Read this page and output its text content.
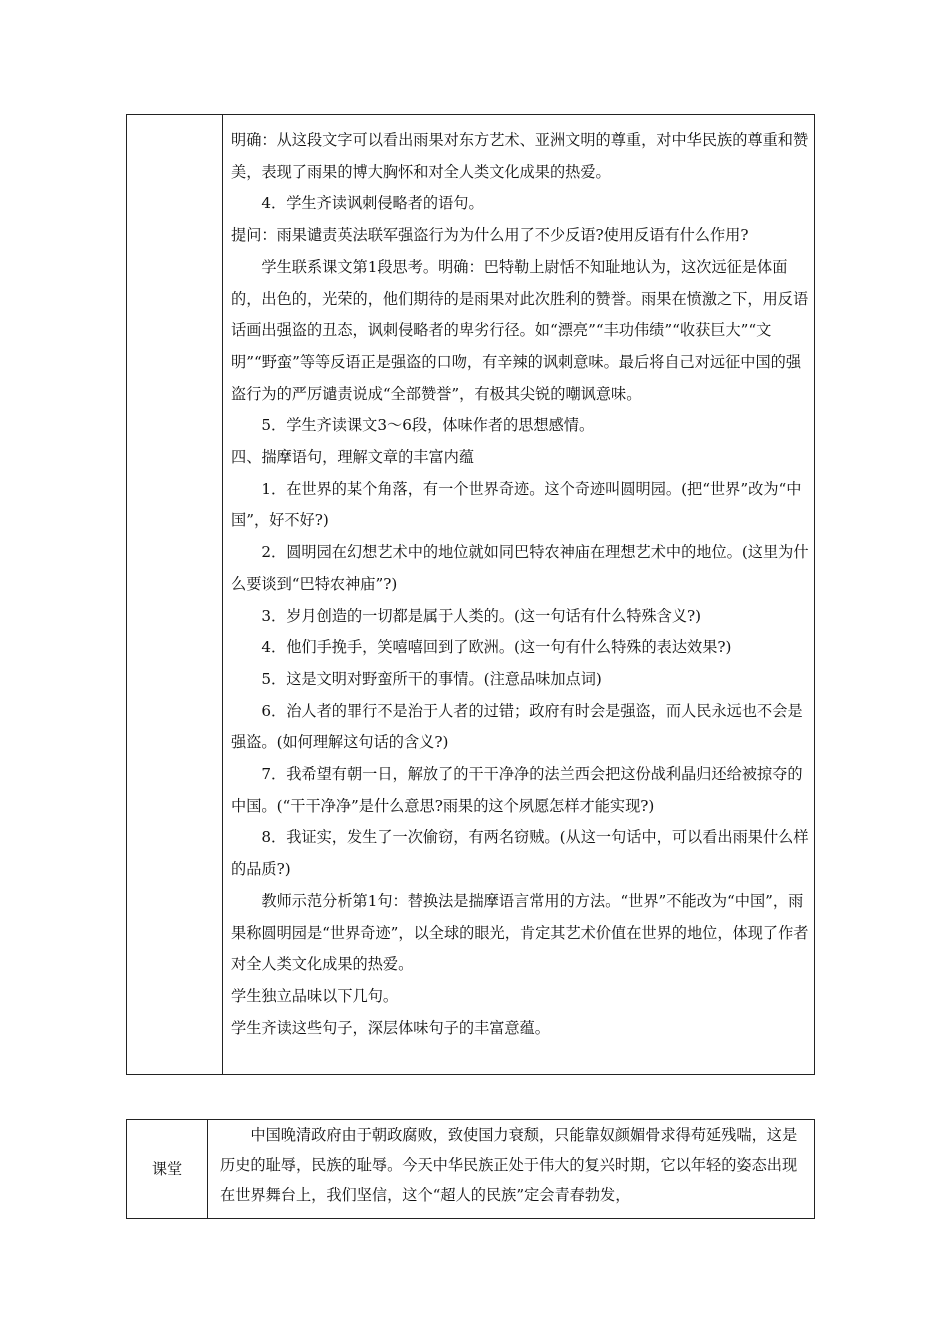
明确：从这段文字可以看出雨果对东方艺术、亚洲文明的尊重，对中华民族的尊重和赞美，表现了雨果的博大胸怀和对全人类文化成果的热爱。

4．学生齐读讽刺侵略者的语句。

提问：雨果谴责英法联军强盗行为为什么用了不少反语?使用反语有什么作用?

学生联系课文第1段思考。明确：巴特勒上尉恬不知耻地认为，这次远征是体面的，出色的，光荣的，他们期待的是雨果对此次胜利的赞誉。雨果在愤激之下，用反语话画出强盗的丑态，讽刺侵略者的卑劣行径。如“漂亮”“丰功伟绩”“收获巨大”“文明”“野蛮”等等反语正是强盗的口吻，有辛辣的讽刺意味。最后将自己对远征中国的强盗行为的严厉谴责说成“全部赞誉”，有极其尖锐的嘲讽意味。

5．学生齐读课文3～6段，体味作者的思想感情。

四、揣摩语句，理解文章的丰富内蕴

1．在世界的某个角落，有一个世界奇迹。这个奇迹叫圆明园。(把“世界”改为“中国”，好不好?)

2．圆明园在幻想艺术中的地位就如同巴特农神庙在理想艺术中的地位。(这里为什么要谈到“巴特农神庙”?)

3．岁月创造的一切都是属于人类的。(这一句话有什么特殊含义?)

4．他们手挽手，笑嘻嘻回到了欧洲。(这一句有什么特殊的表达效果?)

5．这是文明对野蛮所干的事情。(注意品味加点词)

6．治人者的罪行不是治于人者的过错；政府有时会是强盗，而人民永远也不会是强盗。(如何理解这句话的含义?)

7．我希望有朝一日，解放了的干干净净的法兰西会把这份战利晶归还给被掠夺的中国。(“干干净净”是什么意思?雨果的这个夙愿怎样才能实现?)

8．我证实，发生了一次偷窃，有两名窃贼。(从这一句话中，可以看出雨果什么样的品质?)

教师示范分析第1句：替换法是揣摩语言常用的方法。“世界”不能改为“中国”，雨果称圆明园是“世界奇迹”，以全球的眼光，肯定其艺术价值在世界的地位，体现了作者对全人类文化成果的热爱。

学生独立品味以下几句。

学生齐读这些句子，深层体味句子的丰富意蕴。

课堂

中国晚清政府由于朝政腐败，致使国力衰颓，只能靠奴颜媚骨求得苟延残喘，这是历史的耻辱，民族的耻辱。今天中华民族正处于伟大的复兴时期，它以年轻的姿态出现在世界舞台上，我们坚信，这个“超人的民族”定会青春勃发，
